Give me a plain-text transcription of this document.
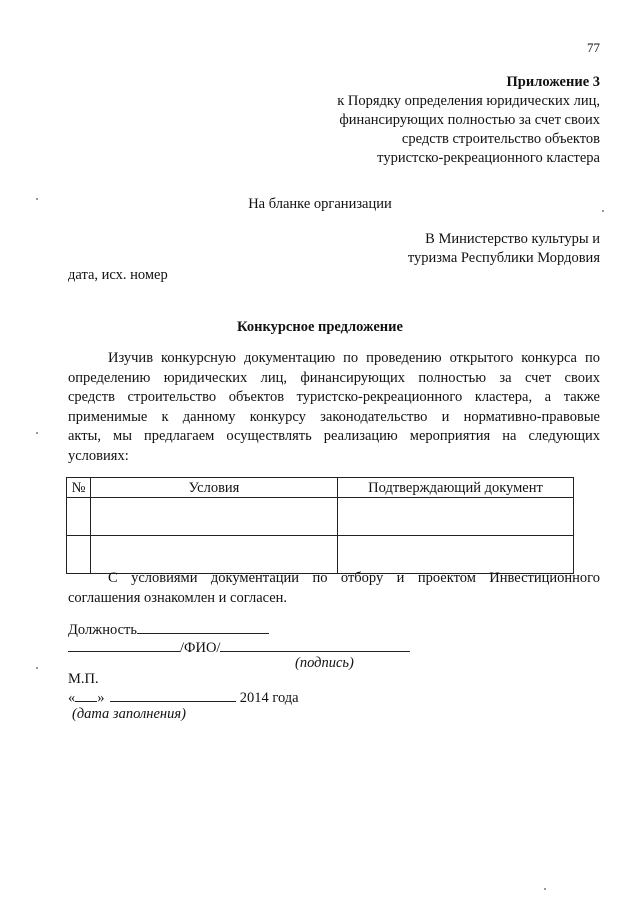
77
Приложение 3
к Порядку определения юридических лиц,
финансирующих полностью за счет своих
средств строительство объектов
туристско-рекреационного кластера
На бланке организации
В Министерство культуры и
туризма Республики Мордовия
дата, исх. номер
Конкурсное предложение
Изучив конкурсную документацию по проведению открытого конкурса по
определению юридических лиц, финансирующих полностью за счет своих
средств строительство объектов туристско-рекреационного кластера, а также
применимые к данному конкурсу законодательство и нормативно-правовые
акты, мы предлагаем осуществлять реализацию мероприятия на следующих
условиях:
№	Условия	Подтверждающий документ

С условиями документации по отбору и проектом Инвестиционного
соглашения ознакомлен и согласен.
Должность
/ФИО/
(подпись)
М.П.
« »	2014 года
(дата заполнения)
